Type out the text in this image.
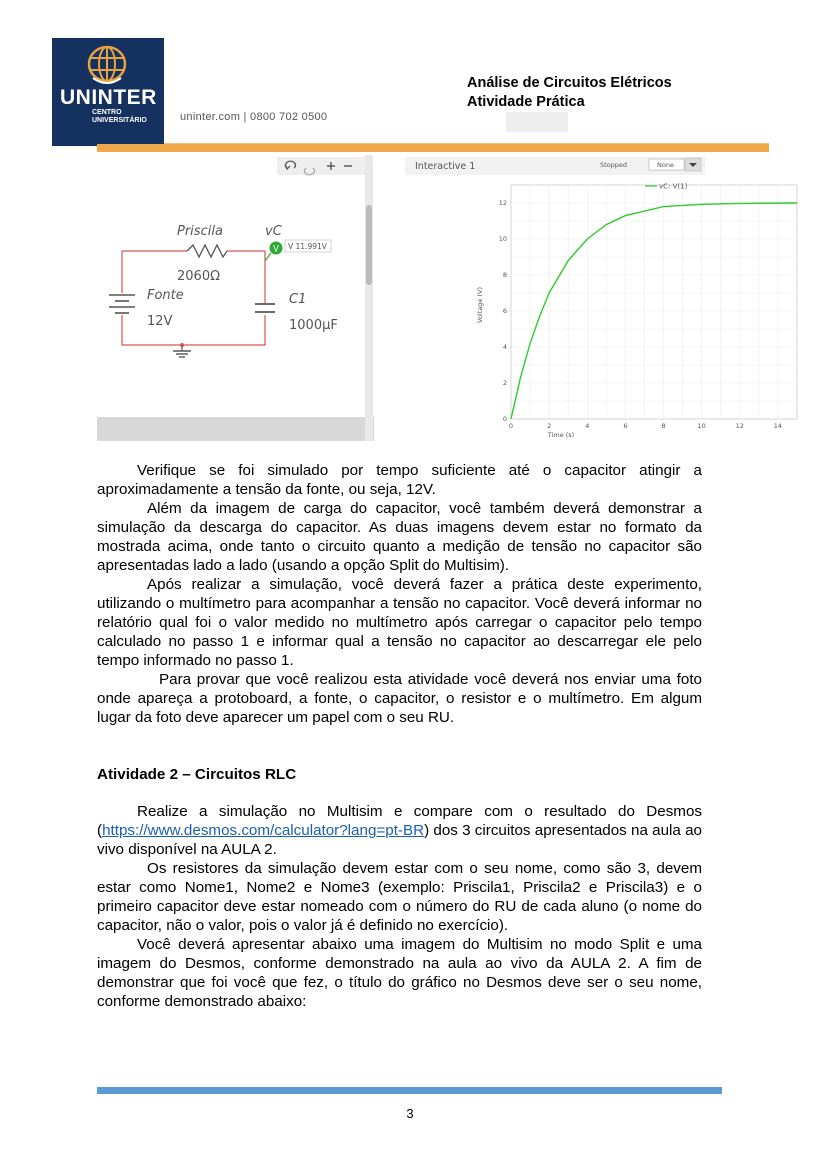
UNINTER
CENTRO
UNIVERSITÁRIO	uninter.com | 0800 702 0500
Análise de Circuitos Elétricos
Atividade Prática
Priscila
2060Ω
Fonte
12V
C1
1000μF
vC
V V 11.991V
Interactive 1	Stopped	None
0	2	4	6	8	10	12	14
0
2
4
6
8
10
12
vC: V(1)
Time (s)
Voltage (V)
Verifique se foi simulado por tempo suficiente até o capacitor atingir a aproximadamente a tensão da fonte, ou seja, 12V.
Além da imagem de carga do capacitor, você também deverá demonstrar a simulação da descarga do capacitor. As duas imagens devem estar no formato da mostrada acima, onde tanto o circuito quanto a medição de tensão no capacitor são apresentadas lado a lado (usando a opção Split do Multisim).
Após realizar a simulação, você deverá fazer a prática deste experimento, utilizando o multímetro para acompanhar a tensão no capacitor. Você deverá informar no relatório qual foi o valor medido no multímetro após carregar o capacitor pelo tempo calculado no passo 1 e informar qual a tensão no capacitor ao descarregar ele pelo tempo informado no passo 1.
Para provar que você realizou esta atividade você deverá nos enviar uma foto onde apareça a protoboard, a fonte, o capacitor, o resistor e o multímetro. Em algum lugar da foto deve aparecer um papel com o seu RU.
Atividade 2 – Circuitos RLC
Realize a simulação no Multisim e compare com o resultado do Desmos (https://www.desmos.com/calculator?lang=pt-BR) dos 3 circuitos apresentados na aula ao vivo disponível na AULA 2.
Os resistores da simulação devem estar com o seu nome, como são 3, devem estar como Nome1, Nome2 e Nome3 (exemplo: Priscila1, Priscila2 e Priscila3) e o primeiro capacitor deve estar nomeado com o número do RU de cada aluno (o nome do capacitor, não o valor, pois o valor já é definido no exercício).
Você deverá apresentar abaixo uma imagem do Multisim no modo Split e uma imagem do Desmos, conforme demonstrado na aula ao vivo da AULA 2. A fim de demonstrar que foi você que fez, o título do gráfico no Desmos deve ser o seu nome, conforme demonstrado abaixo:
3
